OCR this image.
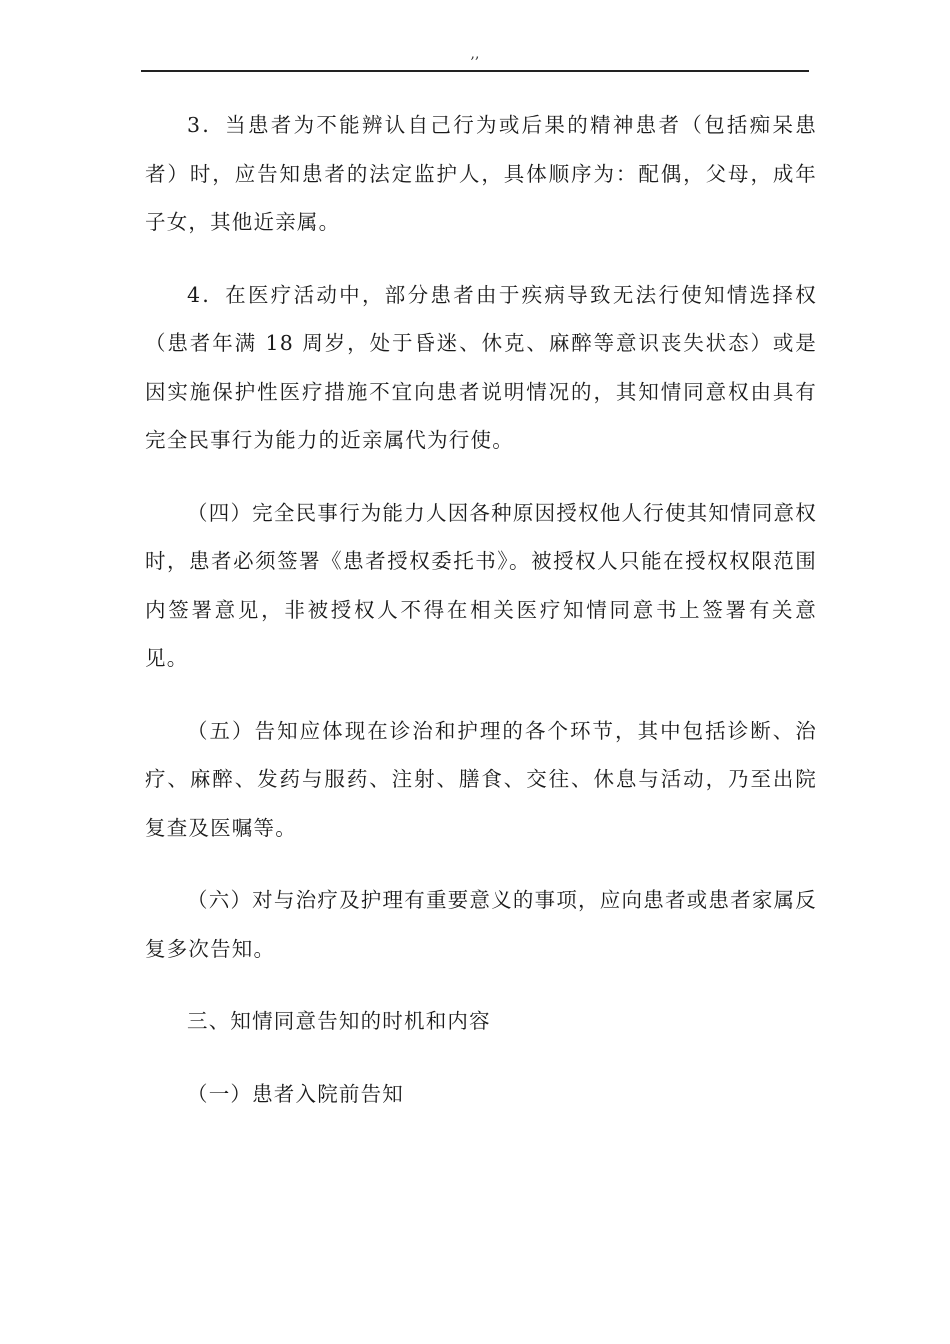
,,

3．当患者为不能辨认自己行为或后果的精神患者（包括痴呆患者）时，应告知患者的法定监护人，具体顺序为：配偶，父母，成年子女，其他近亲属。

4．在医疗活动中，部分患者由于疾病导致无法行使知情选择权（患者年满 18 周岁，处于昏迷、休克、麻醉等意识丧失状态）或是因实施保护性医疗措施不宜向患者说明情况的，其知情同意权由具有完全民事行为能力的近亲属代为行使。

（四）完全民事行为能力人因各种原因授权他人行使其知情同意权时，患者必须签署《患者授权委托书》。被授权人只能在授权权限范围内签署意见，非被授权人不得在相关医疗知情同意书上签署有关意见。

（五）告知应体现在诊治和护理的各个环节，其中包括诊断、治疗、麻醉、发药与服药、注射、膳食、交往、休息与活动，乃至出院复查及医嘱等。

（六）对与治疗及护理有重要意义的事项，应向患者或患者家属反复多次告知。

三、知情同意告知的时机和内容

（一）患者入院前告知
